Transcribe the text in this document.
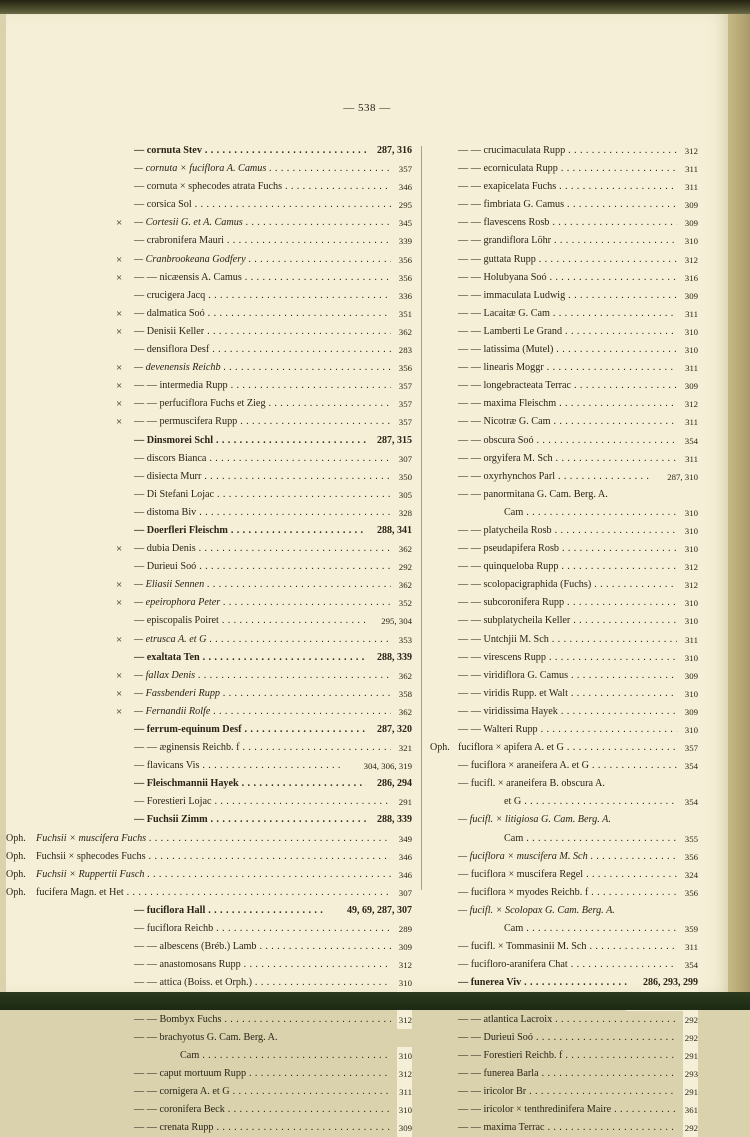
— 538 —
— cornuta Stev . . .	287, 316
— cornuta × fuciflora A. Camus . . .	357
— cornuta × sphecodes atrata Fuchs . . .	346
— corsica Sol . . .	295
× — Cortesii G. et A. Camus . . .	345
— crabronifera Mauri . . .	339
× — Cranbrookeana Godfery . . .	356
× — — nicæensis A. Camus . . .	356
— crucigera Jacq . . .	336
× — dalmatica Soó . . .	351
× — Denisii Keller . . .	362
— densiflora Desf . . .	283
× — devenensis Reichb . . .	356
× — — intermedia Rupp . . .	357
× — — perfuciflora Fuchs et Zieg . . .	357
× — — permuscifera Rupp . . .	357
— Dinsmorei Schl . . .	287, 315
— discors Bianca . . .	307
— disiecta Murr . . .	350
— Di Stefani Lojac . . .	305
— distoma Biv . . .	328
— Doerfleri Fleischm . . .	288, 341
× — dubia Denis . . .	362
— Durieui Soó . . .	292
× — Eliasii Sennen . . .	362
× — epeirophora Peter . . .	352
— episcopalis Poiret . . .	295, 304
× — etrusca A. et G . . .	353
— exaltata Ten . . .	288, 339
× — fallax Denis . . .	362
× — Fassbenderi Rupp . . .	358
× — Fernandii Rolfe . . .	362
— ferrum-equinum Desf . . .	287, 320
— — æginensis Reichb. f . . .	321
— flavicans Vis . . .	304, 306, 319
— Fleischmannii Hayek . . .	286, 294
— Forestieri Lojac . . .	291
— Fuchsii Zimm . . .	288, 339
Oph. Fuchsii × muscifera Fuchs . . .	349
Oph. Fuchsii × sphecodes Fuchs . . .	346
Oph. Fuchsii × Ruppertii Fusch . . .	346
Oph. fucifera Magn. et Het . . .	307
— fuciflora Hall . . .	49, 69, 287, 307
— fuciflora Reichb . . .	289
— — albescens (Bréb.) Lamb . . .	309
— — anastomosans Rupp . . .	312
— — attica (Boiss. et Orph.) . . .	310
. . .
— — Bombyx Fuchs . . .	312
— — brachyotus G. Cam. Berg. A.
Cam . . .	310
— — caput mortuum Rupp . . .	312
— — cornigera A. et G . . .	311
— — coronifera Beck . . .	310
— — crenata Rupp . . .	309
— — crucimaculata Rupp . . .	312
— — ecorniculata Rupp . . .	311
— — exapicelata Fuchs . . .	311
— — fimbriata G. Camus . . .	309
— — flavescens Rosb . . .	309
— — grandiflora Löhr . . .	310
— — guttata Rupp . . .	312
— — Holubyana Soó . . .	316
— — immaculata Ludwig . . .	309
— — Lacaitæ G. Cam . . .	311
— — Lamberti Le Grand . . .	310
— — latissima (Mutel) . . .	310
— — linearis Moggr . . .	311
— — longebracteata Terrac . . .	309
— — maxima Fleischm . . .	312
— — Nicotræ G. Cam . . .	311
— — obscura Soó . . .	354
— — orgyifera M. Sch . . .	311
— — oxyrhynchos Parl . . .	287, 310
— — panormitana G. Cam. Berg. A.
Cam . . .	310
— — platycheila Rosb . . .	310
— — pseudapifera Rosb . . .	310
— — quinqueloba Rupp . . .	312
— — scolopacigraphida (Fuchs) . . .	312
— — subcoronifera Rupp . . .	310
— — subplatycheila Keller . . .	310
— — Untchjii M. Sch . . .	311
— — virescens Rupp . . .	310
— — viridiflora G. Camus . . .	309
— — viridis Rupp. et Walt . . .	310
— — viridissima Hayek . . .	309
— — Walteri Rupp . . .	310
Oph. fuciflora × apifera A. et G . . .	357
— fuciflora × araneifera A. et G . . .	354
— fucifl. × araneifera B. obscura A.
et G . . .	354
— fucifl. × litigiosa G. Cam. Berg. A.
Cam . . .	355
— fuciflora × muscifera M. Sch . . .	356
— fuciflora × muscifera Regel . . .	324
— fuciflora × myodes Reichb. f . . .	356
— fucifl. × Scolopax G. Cam. Berg. A.
Cam . . .	359
— fucifl. × Tommasinii M. Sch . . .	311
— fucifloro-aranifera Chat . . .	354
— funerea Viv . . .	286, 293, 299
. . .
— — atlantica Lacroix . . .	292
— — Durieui Soó . . .	292
— — Forestieri Reichb. f . . .	291
— — funerea Barla . . .	293
— — iricolor Br . . .	291
— — iricolor × tenthredinifera Maire . . .	361
— — maxima Terrac . . .	292
